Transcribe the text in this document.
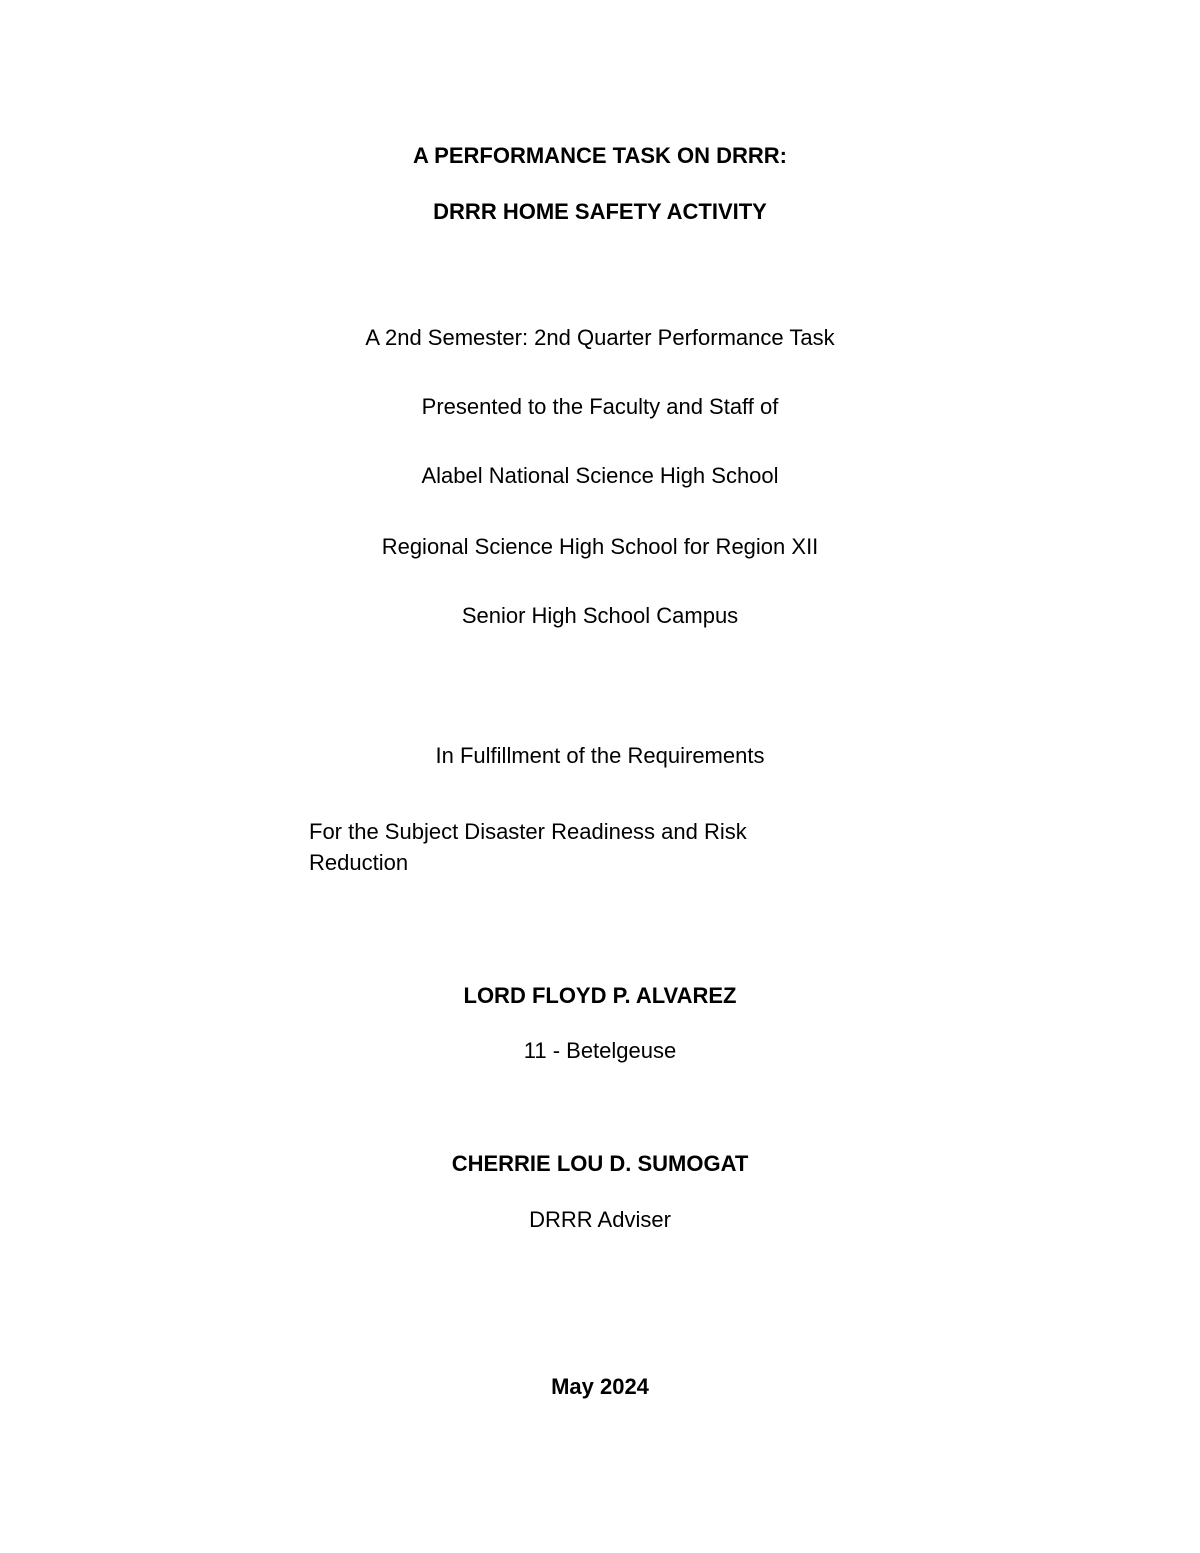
A PERFORMANCE TASK ON DRRR:
DRRR HOME SAFETY ACTIVITY
A 2nd Semester: 2nd Quarter Performance Task
Presented to the Faculty and Staff of
Alabel National Science High School
Regional Science High School for Region XII
Senior High School Campus
In Fulfillment of the Requirements
For the Subject Disaster Readiness and Risk Reduction
LORD FLOYD P. ALVAREZ
11 - Betelgeuse
CHERRIE LOU D. SUMOGAT
DRRR Adviser
May 2024
